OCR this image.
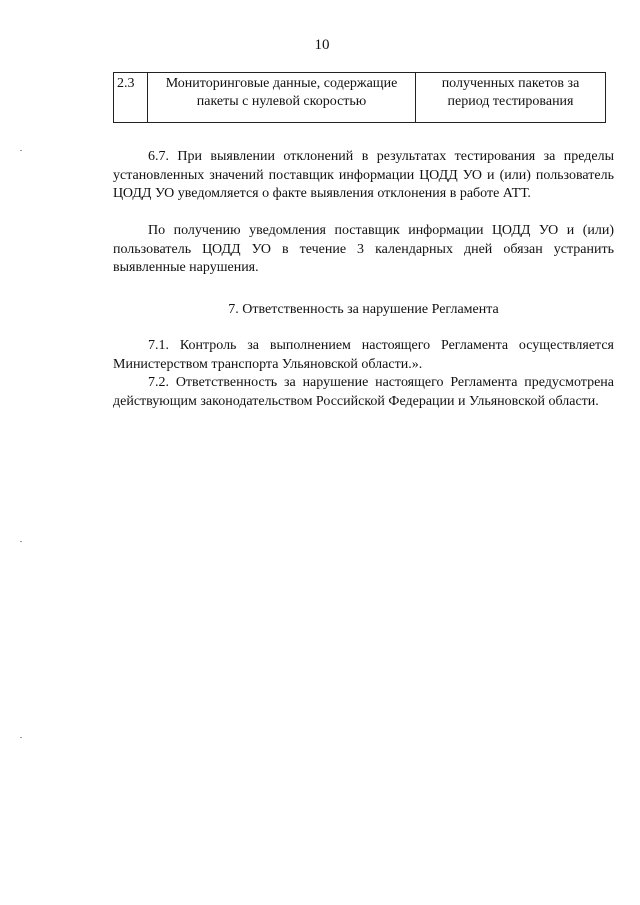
10
2.3	Мониторинговые данные, содержащие пакеты с нулевой скоростью	полученных пакетов за период тестирования

6.7. При выявлении отклонений в результатах тестирования за пределы установленных значений поставщик информации ЦОДД УО и (или) пользователь ЦОДД УО уведомляется о факте выявления отклонения в работе АТТ.

По получению уведомления поставщик информации ЦОДД УО и (или) пользователь ЦОДД УО в течение 3 календарных дней обязан устранить выявленные нарушения.

7. Ответственность за нарушение Регламента

7.1. Контроль за выполнением настоящего Регламента осуществляется Министерством транспорта Ульяновской области.».

7.2. Ответственность за нарушение настоящего Регламента предусмотрена действующим законодательством Российской Федерации и Ульяновской области.
